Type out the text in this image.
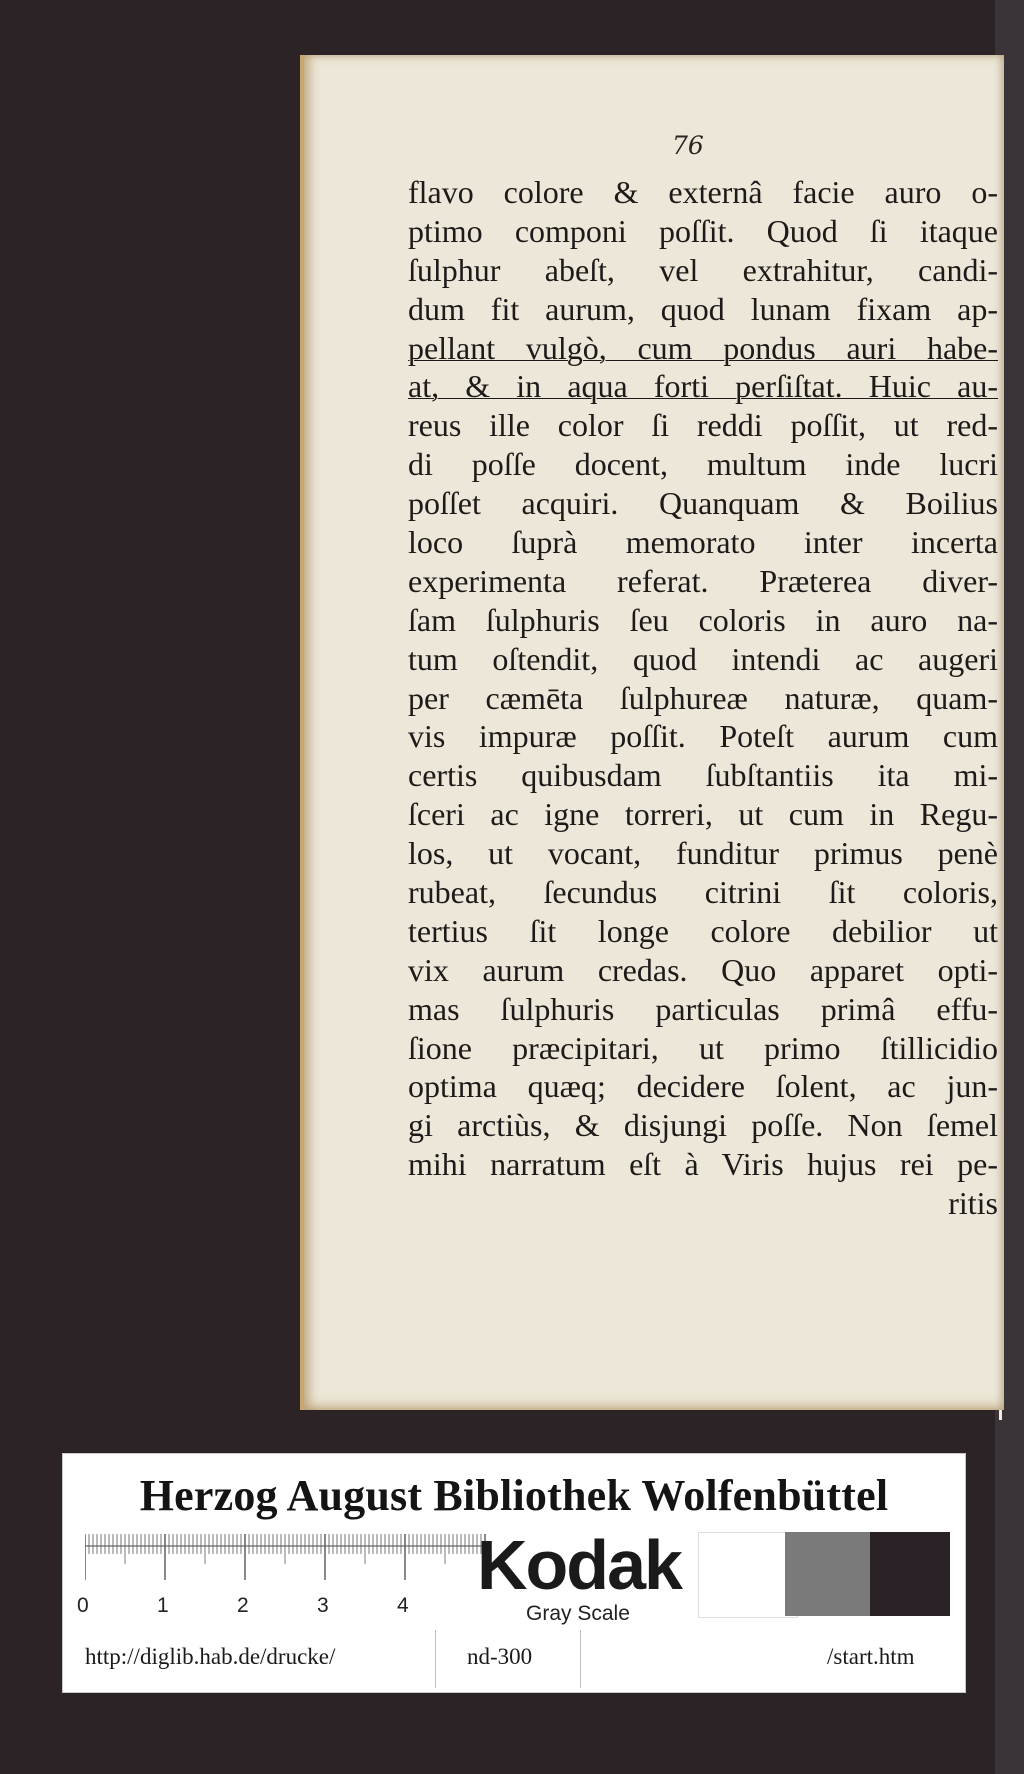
76
flavo colore & externâ facie auro o-
ptimo componi poſſit. Quod ſi itaque
ſulphur abeſt, vel extrahitur, candi-
dum fit aurum, quod lunam fixam ap-
pellant vulgò, cum pondus auri habe-
at, & in aqua forti perſiſtat. Huic au-
reus ille color ſi reddi poſſit, ut red-
di poſſe docent, multum inde lucri
poſſet acquiri. Quanquam & Boilius
loco ſuprà memorato inter incerta
experimenta referat. Præterea diver-
ſam ſulphuris ſeu coloris in auro na-
tum oſtendit, quod intendi ac augeri
per cæmēta ſulphureæ naturæ, quam-
vis impuræ poſſit. Poteſt aurum cum
certis quibusdam ſubſtantiis ita mi-
ſceri ac igne torreri, ut cum in Regu-
los, ut vocant, funditur primus penè
rubeat, ſecundus citrini ſit coloris,
tertius ſit longe colore debilior ut
vix aurum credas. Quo apparet opti-
mas ſulphuris particulas primâ effu-
ſione præcipitari, ut primo ſtillicidio
optima quæq; decidere ſolent, ac jun-
gi arctiùs, & disjungi poſſe. Non ſemel
mihi narratum eſt à Viris hujus rei pe-
ritis
Herzog August Bibliothek Wolfenbüttel
0	1	2	3	4
Kodak
Gray Scale
http://diglib.hab.de/drucke/	nd-300	/start.htm
